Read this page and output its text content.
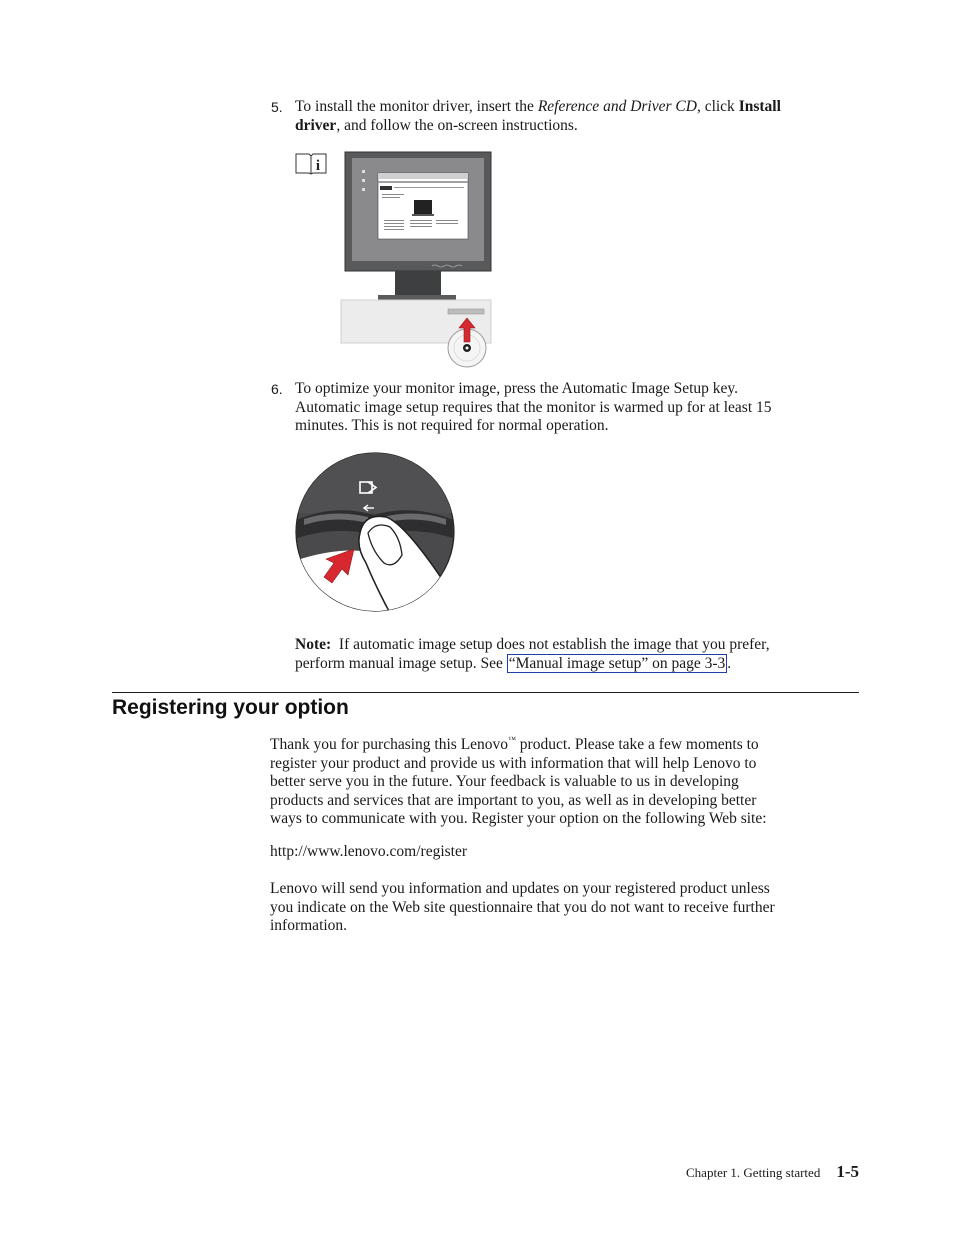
5. To install the monitor driver, insert the Reference and Driver CD, click Install
driver, and follow the on-screen instructions.
i
6. To optimize your monitor image, press the Automatic Image Setup key.

Automatic image setup requires that the monitor is warmed up for at least 15

minutes. This is not required for normal operation.

Note: If automatic image setup does not establish the image that you prefer,
perform manual image setup. See “Manual image setup” on page 3-3 .
Registering your option

Thank you for purchasing this Lenovo™ product. Please take a few moments to

register your product and provide us with information that will help Lenovo to

better serve you in the future. Your feedback is valuable to us in developing

products and services that are important to you, as well as in developing better

ways to communicate with you. Register your option on the following Web site:

http://www.lenovo.com/register

Lenovo will send you information and updates on your registered product unless

you indicate on the Web site questionnaire that you do not want to receive further

information.

Chapter 1. Getting started 1-5
